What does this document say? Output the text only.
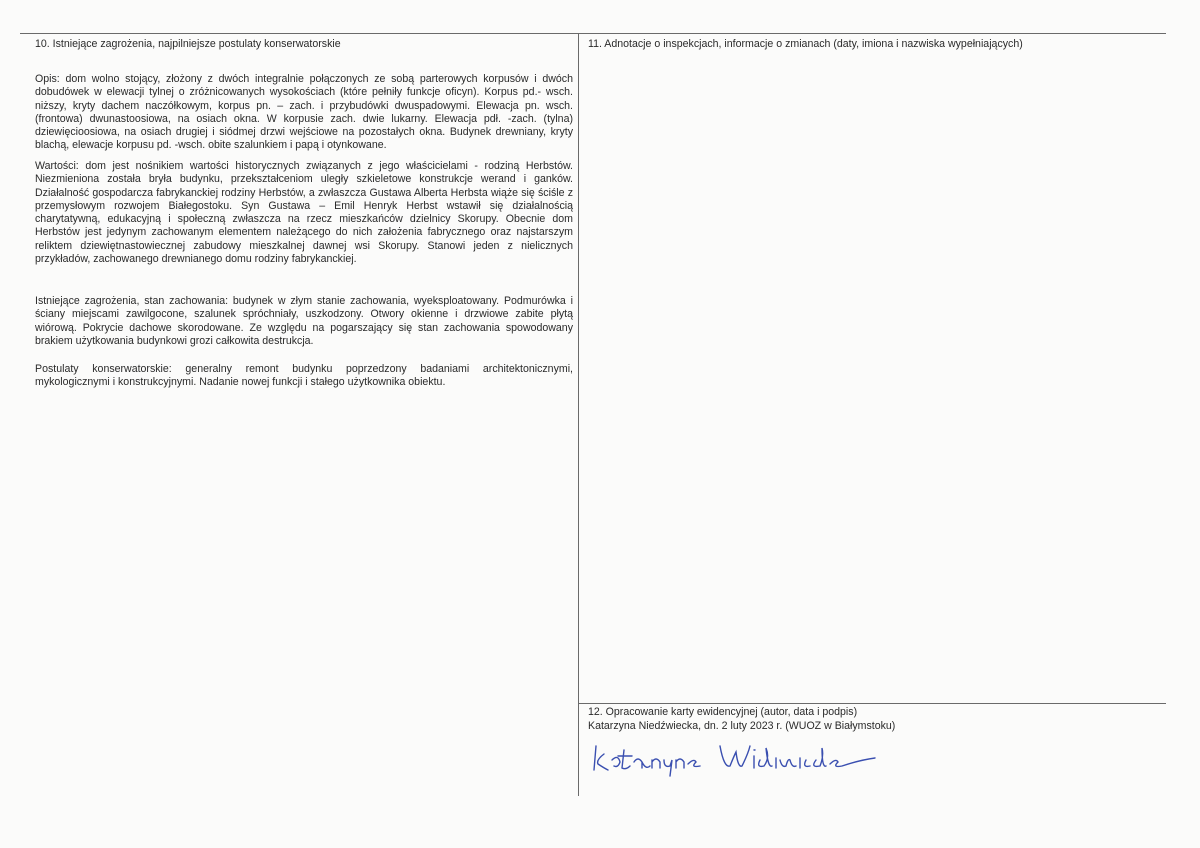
10. Istniejące zagrożenia, najpilniejsze postulaty konserwatorskie

Opis: dom wolno stojący, złożony z dwóch integralnie połączonych ze sobą parterowych korpusów i dwóch dobudówek w elewacji tylnej o zróżnicowanych wysokościach (które pełniły funkcje oficyn). Korpus pd.- wsch. niższy, kryty dachem naczółkowym, korpus pn. – zach. i przybudówki dwuspadowymi. Elewacja pn. wsch. (frontowa) dwunastoosiowa, na osiach okna. W korpusie zach. dwie lukarny. Elewacja pdł. -zach. (tylna) dziewięcioosiowa, na osiach drugiej i siódmej drzwi wejściowe na pozostałych okna. Budynek drewniany, kryty blachą, elewacje korpusu pd. -wsch. obite szalunkiem i papą i otynkowane.

Wartości: dom jest nośnikiem wartości historycznych związanych z jego właścicielami - rodziną Herbstów. Niezmieniona została bryła budynku, przekształceniom uległy szkieletowe konstrukcje werand i ganków. Działalność gospodarcza fabrykanckiej rodziny Herbstów, a zwłaszcza Gustawa Alberta Herbsta wiąże się ściśle z przemysłowym rozwojem Białegostoku. Syn Gustawa – Emil Henryk Herbst wstawił się działalnością charytatywną, edukacyjną i społeczną zwłaszcza na rzecz mieszkańców dzielnicy Skorupy. Obecnie dom Herbstów jest jedynym zachowanym elementem należącego do nich założenia fabrycznego oraz najstarszym reliktem dziewiętnastowiecznej zabudowy mieszkalnej dawnej wsi Skorupy. Stanowi jeden z nielicznych przykładów, zachowanego drewnianego domu rodziny fabrykanckiej.

Istniejące zagrożenia, stan zachowania: budynek w złym stanie zachowania, wyeksploatowany. Podmurówka i ściany miejscami zawilgocone, szalunek spróchniały, uszkodzony. Otwory okienne i drzwiowe zabite płytą wiórową. Pokrycie dachowe skorodowane. Ze względu na pogarszający się stan zachowania spowodowany brakiem użytkowania budynkowi grozi całkowita destrukcja.

Postulaty konserwatorskie: generalny remont budynku poprzedzony badaniami architektonicznymi, mykologicznymi i konstrukcyjnymi. Nadanie nowej funkcji i stałego użytkownika obiektu.

11. Adnotacje o inspekcjach, informacje o zmianach (daty, imiona i nazwiska wypełniających)
12. Opracowanie karty ewidencyjnej (autor, data i podpis)
Katarzyna Niedźwiecka, dn. 2 luty 2023 r. (WUOZ w Białymstoku)
